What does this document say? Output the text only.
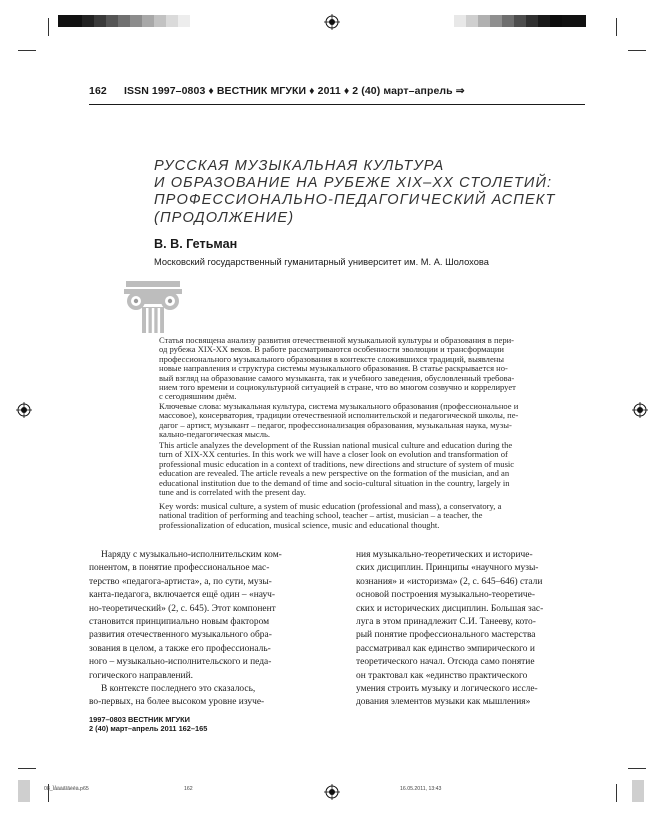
162 ISSN 1997–0803 ♦ ВЕСТНИК МГУКИ ♦ 2011 ♦ 2 (40) март–апрель ⇒
РУССКАЯ МУЗЫКАЛЬНАЯ КУЛЬТУРА
И ОБРАЗОВАНИЕ НА РУБЕЖЕ XIX–XX СТОЛЕТИЙ:
ПРОФЕССИОНАЛЬНО-ПЕДАГОГИЧЕСКИЙ АСПЕКТ
(ПРОДОЛЖЕНИЕ)
В. В. Гетьман
Московский государственный гуманитарный университет им. М. А. Шолохова
Статья посвящена анализу развития отечественной музыкальной культуры и образования в пери-
од рубежа XIX-XX веков. В работе рассматриваются особенности эволюции и трансформации
профессионального музыкального образования в контексте сложившихся традиций, выявлены
новые направления и структура системы музыкального образования. В статье раскрывается но-
вый взгляд на образование самого музыканта, так и учебного заведения, обусловленный требова-
нием того времени и социокультурной ситуацией в стране, что во многом созвучно и коррелирует
с сегодняшним днём.
Ключевые слова: музыкальная культура, система музыкального образования (профессиональное и
массовое), консерватория, традиции отечественной исполнительской и педагогической школы, пе-
дагог – артист, музыкант – педагог, профессионализация образования, музыкальная наука, музы-
кально-педагогическая мысль.
This article analyzes the development of the Russian national musical culture and education during the
turn of XIX-XX centuries. In this work we will have a closer look on evolution and transformation of
professional music education in a context of traditions, new directions and structure of system of music
education are revealed. The article reveals a new perspective on the formation of the musician, and an
educational institution due to the demand of time and socio-cultural situation in the country, largely in
tune and is correlated with the present day.
Key words: musical culture, a system of music education (professional and mass), a conservatory, a
national tradition of performing and teaching school, teacher – artist, musician – a teacher, the
professionalization of education, musical science, music and educational thought.
Наряду с музыкально-исполнительским ком-
понентом, в понятие профессиональное мас-
терство «педагога-артиста», а, по сути, музы-
канта-педагога, включается ещё один – «науч-
но-теоретический» (2, с. 645). Этот компонент
становится принципиально новым фактором
развития отечественного музыкального обра-
зования в целом, а также его профессиональ-
ного – музыкально-исполнительского и педа-
гогического направлений.
В контексте последнего это сказалось,
во-первых, на более высоком уровне изуче-
ния музыкально-теоретических и историче-
ских дисциплин. Принципы «научного музы-
кознания» и «историзма» (2, с. 645–646) стали
основой построения музыкально-теоретиче-
ских и исторических дисциплин. Большая зас-
луга в этом принадлежит С.И. Танееву, кото-
рый понятие профессионального мастерства
рассматривал как единство эмпирического и
теоретического начал. Отсюда само понятие
он трактовал как «единство практического
умения строить музыку и логического иссле-
дования элементов музыки как мышления»
1997–0803 ВЕСТНИК МГУКИ
2 (40) март–апрель 2011 162–165
08_Ïåäàãîãèêà.p65	162	16.05.2011, 13:43
